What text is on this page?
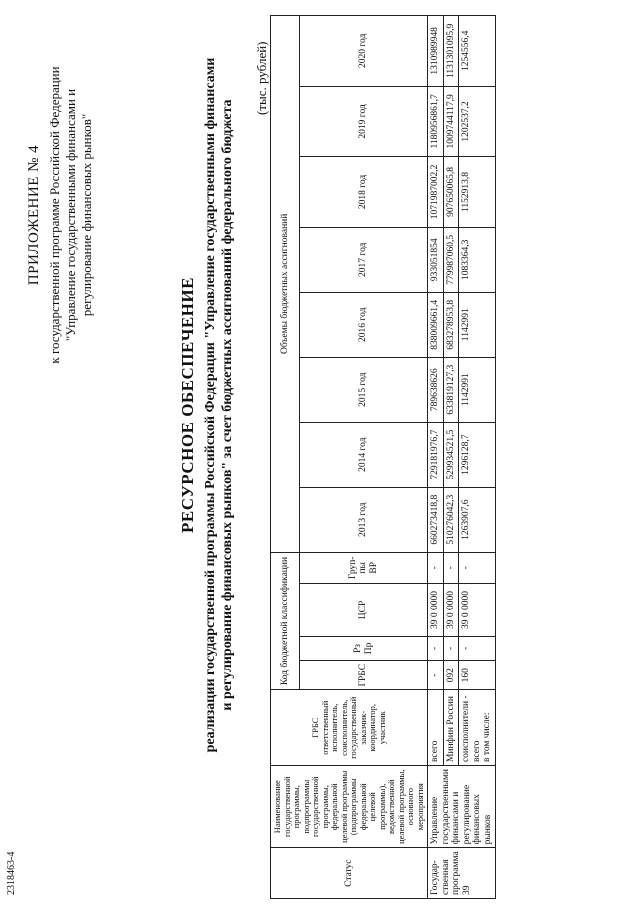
2318463-4
ПРИЛОЖЕНИЕ № 4 к государственной программе Российской Федерации "Управление государственными финансами и регулирование финансовых рынков"
РЕСУРСНОЕ ОБЕСПЕЧЕНИЕ реализации государственной программы Российской Федерации "Управление государственными финансами и регулирование финансовых рынков" за счет бюджетных ассигнований федерального бюджета
(тыс. рублей)
Статус	Наименование государственной программы, подпрограммы государственной программы, федеральной целевой программы (подпрограммы федеральной целевой программы), ведомственной целевой программы, основного мероприятия	ГРБС ответственный исполнитель, соисполнитель, государственный заказчик-координатор, участник	Код бюджетной классификации				Объемы бюджетных ассигнований							
			ГРБС	Рз Пр	ЦСР	Груп-пы ВР	2013 год	2014 год	2015 год	2016 год	2017 год	2018 год	2019 год	2020 год
Государ-ственная программа 39	Управление государственными финансами и регулирование финансовых рынков	всего	-	-	39 0 0000	-	660273418,8	729181976,7	789638626	838009661,4	933051854	1071987002,2	1180956861,7	1310989948
		Минфин России	092	-	39 0 0000	-	510276042,3	529934521,5	633819127,3	683278953,8	779987060,5	907650065,8	1009744117,9	1131301095,9

		соисполнители - всего в том числе:	160	-	39 0 0000	-	1263907,6	1296128,7	1142991	1142991	1083364,3	1152913,8	1202537,2	1254556,4
